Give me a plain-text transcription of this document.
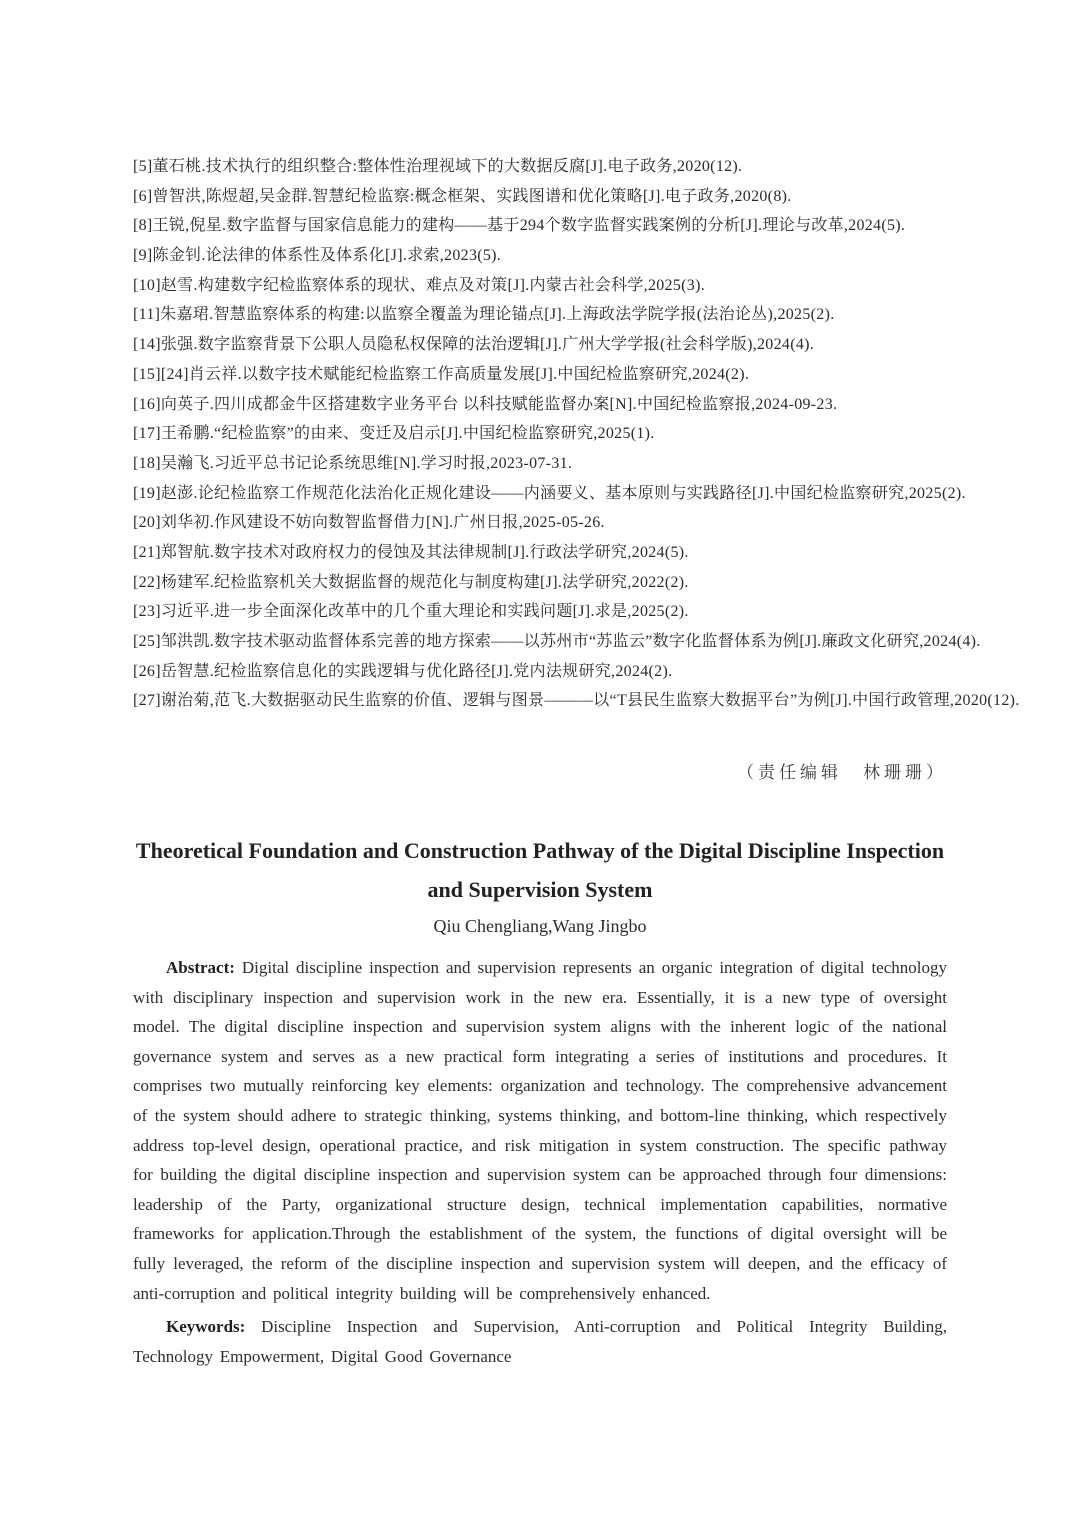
[5]董石桃.技术执行的组织整合:整体性治理视域下的大数据反腐[J].电子政务,2020(12).
[6]曾智洪,陈煜超,吴金群.智慧纪检监察:概念框架、实践图谱和优化策略[J].电子政务,2020(8).
[8]王锐,倪星.数字监督与国家信息能力的建构——基于294个数字监督实践案例的分析[J].理论与改革,2024(5).
[9]陈金钊.论法律的体系性及体系化[J].求索,2023(5).
[10]赵雪.构建数字纪检监察体系的现状、难点及对策[J].内蒙古社会科学,2025(3).
[11]朱嘉珺.智慧监察体系的构建:以监察全覆盖为理论锚点[J].上海政法学院学报(法治论丛),2025(2).
[14]张强.数字监察背景下公职人员隐私权保障的法治逻辑[J].广州大学学报(社会科学版),2024(4).
[15][24]肖云祥.以数字技术赋能纪检监察工作高质量发展[J].中国纪检监察研究,2024(2).
[16]向英子.四川成都金牛区搭建数字业务平台 以科技赋能监督办案[N].中国纪检监察报,2024-09-23.
[17]王希鹏.“纪检监察”的由来、变迁及启示[J].中国纪检监察研究,2025(1).
[18]吴瀚飞.习近平总书记论系统思维[N].学习时报,2023-07-31.
[19]赵澎.论纪检监察工作规范化法治化正规化建设——内涵要义、基本原则与实践路径[J].中国纪检监察研究,2025(2).
[20]刘华初.作风建设不妨向数智监督借力[N].广州日报,2025-05-26.
[21]郑智航.数字技术对政府权力的侵蚀及其法律规制[J].行政法学研究,2024(5).
[22]杨建军.纪检监察机关大数据监督的规范化与制度构建[J].法学研究,2022(2).
[23]习近平.进一步全面深化改革中的几个重大理论和实践问题[J].求是,2025(2).
[25]邹洪凯.数字技术驱动监督体系完善的地方探索——以苏州市“苏监云”数字化监督体系为例[J].廉政文化研究,2024(4).
[26]岳智慧.纪检监察信息化的实践逻辑与优化路径[J].党内法规研究,2024(2).
[27]谢治菊,范飞.大数据驱动民生监察的价值、逻辑与图景———以“T县民生监察大数据平台”为例[J].中国行政管理,2020(12).
（责任编辑　林珊珊）
Theoretical Foundation and Construction Pathway of the Digital Discipline Inspection and Supervision System
Qiu Chengliang,Wang Jingbo
Abstract: Digital discipline inspection and supervision represents an organic integration of digital technology with disciplinary inspection and supervision work in the new era. Essentially, it is a new type of oversight model. The digital discipline inspection and supervision system aligns with the inherent logic of the national governance system and serves as a new practical form integrating a series of institutions and procedures. It comprises two mutually reinforcing key elements: organization and technology. The comprehensive advancement of the system should adhere to strategic thinking, systems thinking, and bottom-line thinking, which respectively address top-level design, operational practice, and risk mitigation in system construction. The specific pathway for building the digital discipline inspection and supervision system can be approached through four dimensions: leadership of the Party, organizational structure design, technical implementation capabilities, normative frameworks for application.Through the establishment of the system, the functions of digital oversight will be fully leveraged, the reform of the discipline inspection and supervision system will deepen, and the efficacy of anti-corruption and political integrity building will be comprehensively enhanced.
Keywords: Discipline Inspection and Supervision, Anti-corruption and Political Integrity Building, Technology Empowerment, Digital Good Governance
